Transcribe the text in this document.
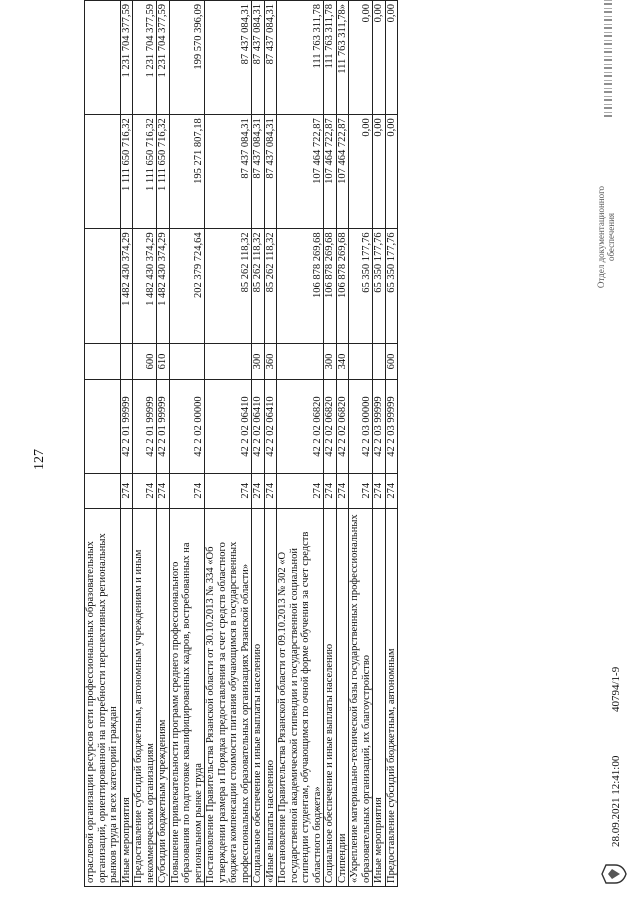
127
отраслевой организации ресурсов сети профессиональных образовательных организаций, ориентированной на потребности перспективных региональных рынков труда и всех категорий граждан						
Иные мероприятия	274	42 2 01 99999		1 482 430 374,29	1 111 650 716,32	1 231 704 377,59
Предоставление субсидий бюджетным, автономным учреждениям и иным некоммерческим организациям	274	42 2 01 99999	600	1 482 430 374,29	1 111 650 716,32	1 231 704 377,59
Субсидии бюджетным учреждениям	274	42 2 01 99999	610	1 482 430 374,29	1 111 650 716,32	1 231 704 377,59
Повышение привлекательности программ среднего профессионального образования по подготовке квалифицированных кадров, востребованных на региональном рынке труда	274	42 2 02 00000		202 379 724,64	195 271 807,18	199 570 396,09
Постановление Правительства Рязанской области от 30.10.2013 № 334 «Об утверждении размера и Порядка предоставления за счет средств областного бюджета компенсации стоимости питания обучающимся в государственных профессиональных образовательных организациях Рязанской области»	274	42 2 02 06410		85 262 118,32	87 437 084,31	87 437 084,31
Социальное обеспечение и иные выплаты населению	274	42 2 02 06410	300	85 262 118,32	87 437 084,31	87 437 084,31
«Иные выплаты населению	274	42 2 02 06410	360	85 262 118,32	87 437 084,31	87 437 084,31
Постановление Правительства Рязанской области от 09.10.2013 № 302 «О государственной академической стипендии и государственной социальной стипендии студентам, обучающимся по очной форме обучения за счет средств областного бюджета»	274	42 2 02 06820		106 878 269,68	107 464 722,87	111 763 311,78
Социальное обеспечение и иные выплаты населению	274	42 2 02 06820	300	106 878 269,68	107 464 722,87	111 763 311,78
Стипендии	274	42 2 02 06820	340	106 878 269,68	107 464 722,87	111 763 311,78»
«Укрепление материально-технической базы государственных профессиональных образовательных организаций, их благоустройство	274	42 2 03 00000		65 350 177,76	0,00	0,00
Иные мероприятия	274	42 2 03 99999		65 350 177,76	0,00	0,00
Предоставление субсидий бюджетным, автономным	274	42 2 03 99999	600	65 350 177,76	0,00	0,00
28.09.2021 12:41:00
40794/1-9
Отдел документационного обеспечения
